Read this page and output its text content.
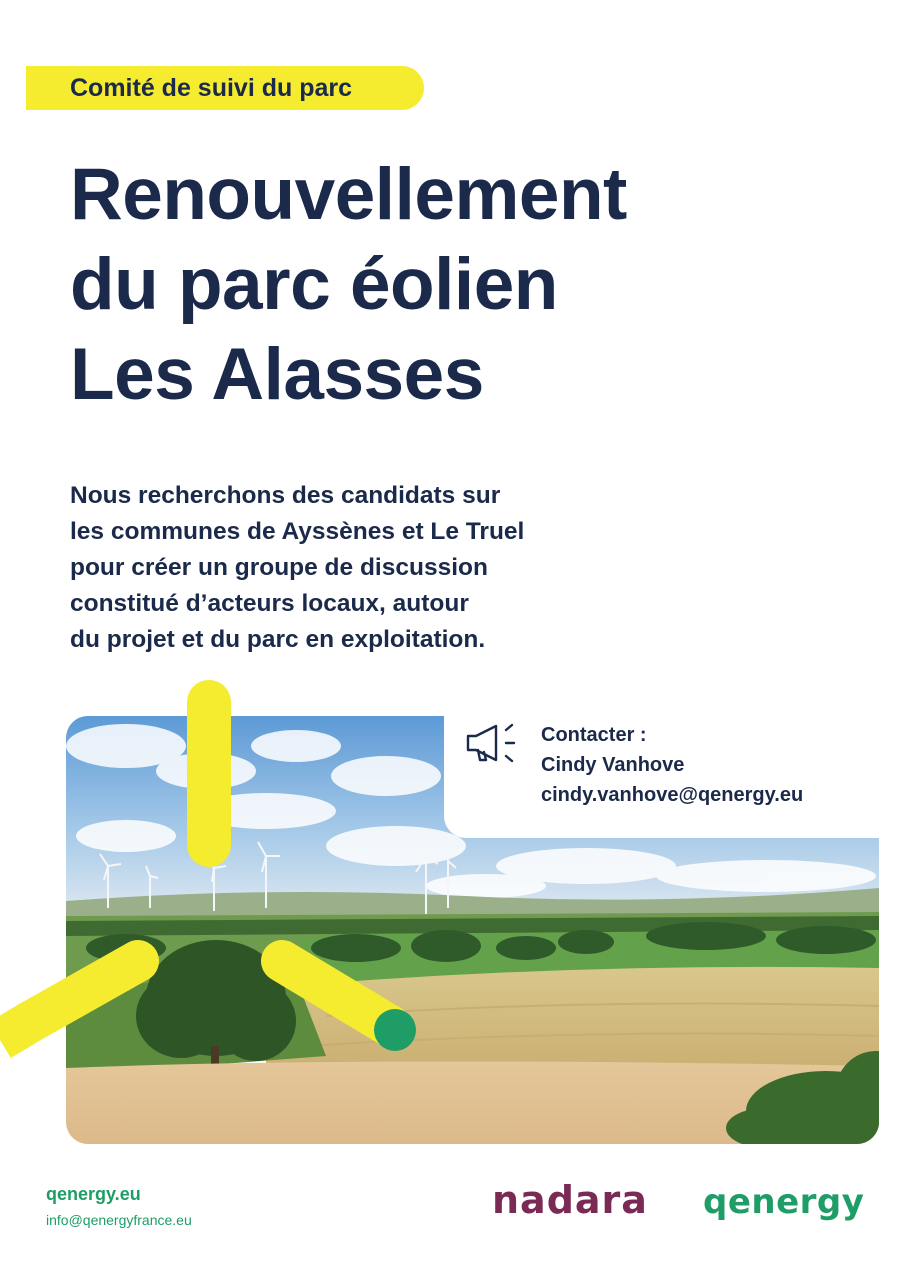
Comité de suivi du parc
Renouvellement
du parc éolien
Les Alasses

Nous recherchons des candidats sur
les communes de Ayssènes et Le Truel
pour créer un groupe de discussion
constitué d’acteurs locaux, autour
du projet et du parc en exploitation.

Contacter :
Cindy Vanhove
cindy.vanhove@qenergy.eu
qenergy.eu
info@qenergyfrance.eu	nadara qenergy
